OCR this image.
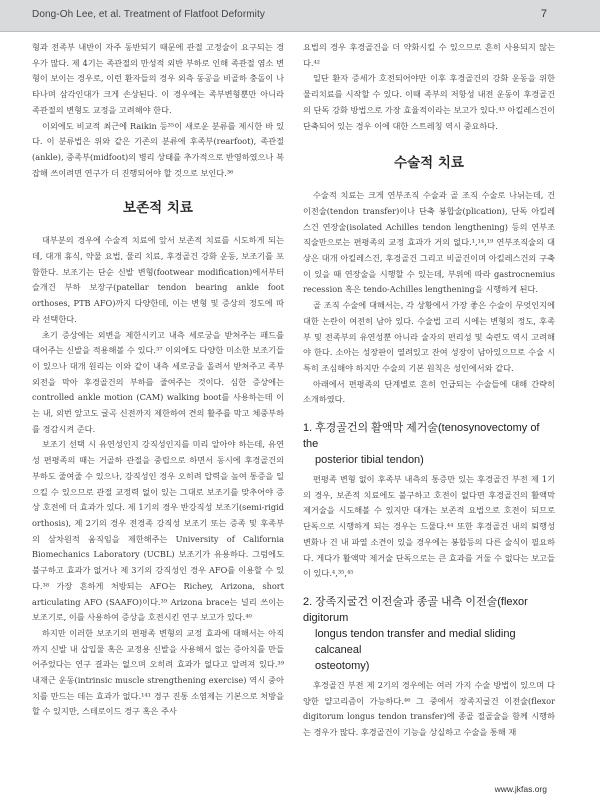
Dong-Oh Lee, et al. Treatment of Flatfoot Deformity	7

형과 전족부 내반이 자주 동반되기 때문에 관절 고정술이 요구되는 경우가 많다. 제 4기는 족관절의 만성적 외반 부하로 인해 족관절 염소 변형이 보이는 경우로, 이런 환자들의 경우 외측 동공을 비골하 충돌이 나타나며 삼각인대가 크게 손상된다. 이 경우에는 족부변형뿐만 아니라 족관절의 변형도 교정을 고려해야 한다.

이외에도 비교적 최근에 Raikin 등³⁵이 새로운 분류를 제시한 바 있다. 이 분류법은 위와 같은 기존의 분류에 후족부(rearfoot), 족관절(ankle), 중족부(midfoot)의 병리 상태를 추가적으로 반영하였으나 복잡해 쓰이려면 연구가 더 진행되어야 할 것으로 보인다.³⁶

보존적 치료

대부분의 경우에 수술적 치료에 앞서 보존적 치료를 시도하게 되는데, 대개 휴식, 약물 요법, 물리 치료, 후경골건 강화 운동, 보조기를 포함한다. 보조기는 단순 신발 변형(footwear modification)에서부터 슬개건 부하 보장구(patellar tendon bearing ankle foot orthoses, PTB AFO)까지 다양한데, 이는 변형 및 증상의 정도에 따라 선택한다.

초기 증상에는 외변을 제한시키고 내측 세로궁을 받쳐주는 패드를 대어주는 신발을 적용해볼 수 있다.³⁷ 이외에도 다양한 미소한 보조기들이 있으나 대개 원리는 이와 같이 내측 세로궁을 올려서 받쳐주고 족부 외전을 막아 후경골건의 부하를 줄여주는 것이다. 심한 증상에는 controlled ankle motion (CAM) walking boot를 사용하는데 이는 내, 외번 앞고도 굴곡 신전까지 제한하여 견의 활주를 막고 체중부하를 경감시켜 준다.

보조기 선택 시 유연성인지 강직성인지를 미리 알아야 하는데, 유연성 편평족의 때는 거골하 관절을 중립으로 하면서 동시에 후경골건의 부하도 줄여줄 수 있으나, 강직성인 경우 오히려 압력을 높여 통증을 일으킬 수 있으므로 관절 교정력 없이 있는 그대로 보조기를 맞추어야 증상 호전에 더 효과가 있다. 제 1기의 경우 반강직성 보조기(semi-rigid orthosis), 제 2기의 경우 전경족 강직성 보조기 또는 증족 및 후족부의 삼차원적 움직임을 제한해주는 University of California Biomechanics Laboratory (UCBL) 보조기가 유용하다. 그럼에도 불구하고 효과가 없거나 제 3기의 강직성인 경우 AFO를 이용할 수 있다.³⁸ 가장 흔하게 처방되는 AFO는 Richey, Arizona, short articulating AFO (SAAFO)이다.³⁹ Arizona brace는 널리 쓰이는 보조기로, 이를 사용하여 증상을 호전시킨 연구 보고가 있다.⁴⁰

하지만 이러한 보조기의 편평족 변형의 교정 효과에 대해서는 아직까지 신발 내 삽입물 혹은 교정용 신발을 사용해서 없는 증아치를 만들어주었다는 연구 결과는 없으며 오히려 효과가 없다고 알려져 있다.³⁹ 내재근 운동(intrinsic muscle strengthening exercise) 역시 중아치를 만드는 데는 효과가 없다.¹⁴¹ 경구 진통 소염제는 기본으로 처방을 할 수 있지만, 스테로이드 경구 혹은 주사

요법의 경우 후경골건을 더 약화시킬 수 있으므로 흔히 사용되지 않는다.⁴²

일단 환자 증세가 호전되어야만 이후 후경골건의 강화 운동을 위한 물리치료를 시작할 수 있다. 이때 족부의 저항성 내전 운동이 후경골건의 단독 강화 방법으로 가장 효율적이라는 보고가 있다.⁴³ 아킬레스건이 단축되어 있는 경우 이에 대한 스트레칭 역시 중요하다.

수술적 치료

수술적 치료는 크게 연부조직 수술과 골 조직 수술로 나뉘는데, 건 이전술(tendon transfer)이나 단축 봉합술(plication), 단독 아킬레스건 연장술(isolated Achilles tendon lengthening) 등의 연부조직술만으로는 편평족의 교정 효과가 거의 없다.¹,¹⁴,¹⁹ 연부조직술의 대상은 대개 아킬레스건, 후경골건 그리고 비골건이며 아킬레스건의 구축이 있을 때 연장술을 시행할 수 있는데, 부위에 따라 gastrocnemius recession 혹은 tendo-Achilles lengthening을 시행하게 된다.

골 조직 수술에 대해서는, 각 상황에서 가장 좋은 수술이 무엇인지에 대한 논란이 여전히 남아 있다. 수술법 고리 시에는 변형의 정도, 후족부 및 전족부의 유연성뿐 아니라 술자의 편리성 및 숙련도 역시 고려해야 한다. 소아는 성장판이 열려있고 잔여 성장이 남아있으므로 수술 시 특히 조심해야 하지만 수술의 기본 원칙은 성인에서와 같다.

아래에서 편평족의 단계별로 흔히 언급되는 수술들에 대해 간략히 소개하였다.

1. 후경골건의 활액막 제거술(tenosynovectomy of the
posterior tibial tendon)

편평족 변형 없이 후족부 내측의 통증만 있는 후경골건 부전 제 1기의 경우, 보존적 치료에도 불구하고 호전이 없다면 후경골건의 활액막 제거술을 시도해볼 수 있지만 대개는 보존적 요법으로 호전이 되므로 단독으로 시행하게 되는 경우는 드물다.⁴⁴ 또한 후경골건 내의 퇴행성 변화나 건 내 파열 소견이 있을 경우에는 봉합등의 다른 술식이 필요하다. 게다가 활액막 제거술 단독으로는 큰 효과를 거둘 수 없다는 보고들이 있다.⁴,³⁵,⁴⁵

2. 장족지굴건 이전술과 종골 내측 이전술(flexor digitorum
longus tendon transfer and medial sliding calcaneal
osteotomy)

후경골건 부전 제 2기의 경우에는 여러 가지 수술 방법이 있으며 다양한 얄고리즘이 가능하다.⁴⁶ 그 중에서 장족지굴건 이전술(flexor digitorum longus tendon transfer)에 종골 절골술을 함께 시행하는 경우가 많다. 후경골건이 기능을 상실하고 수술을 통해 재

www.jkfas.org
